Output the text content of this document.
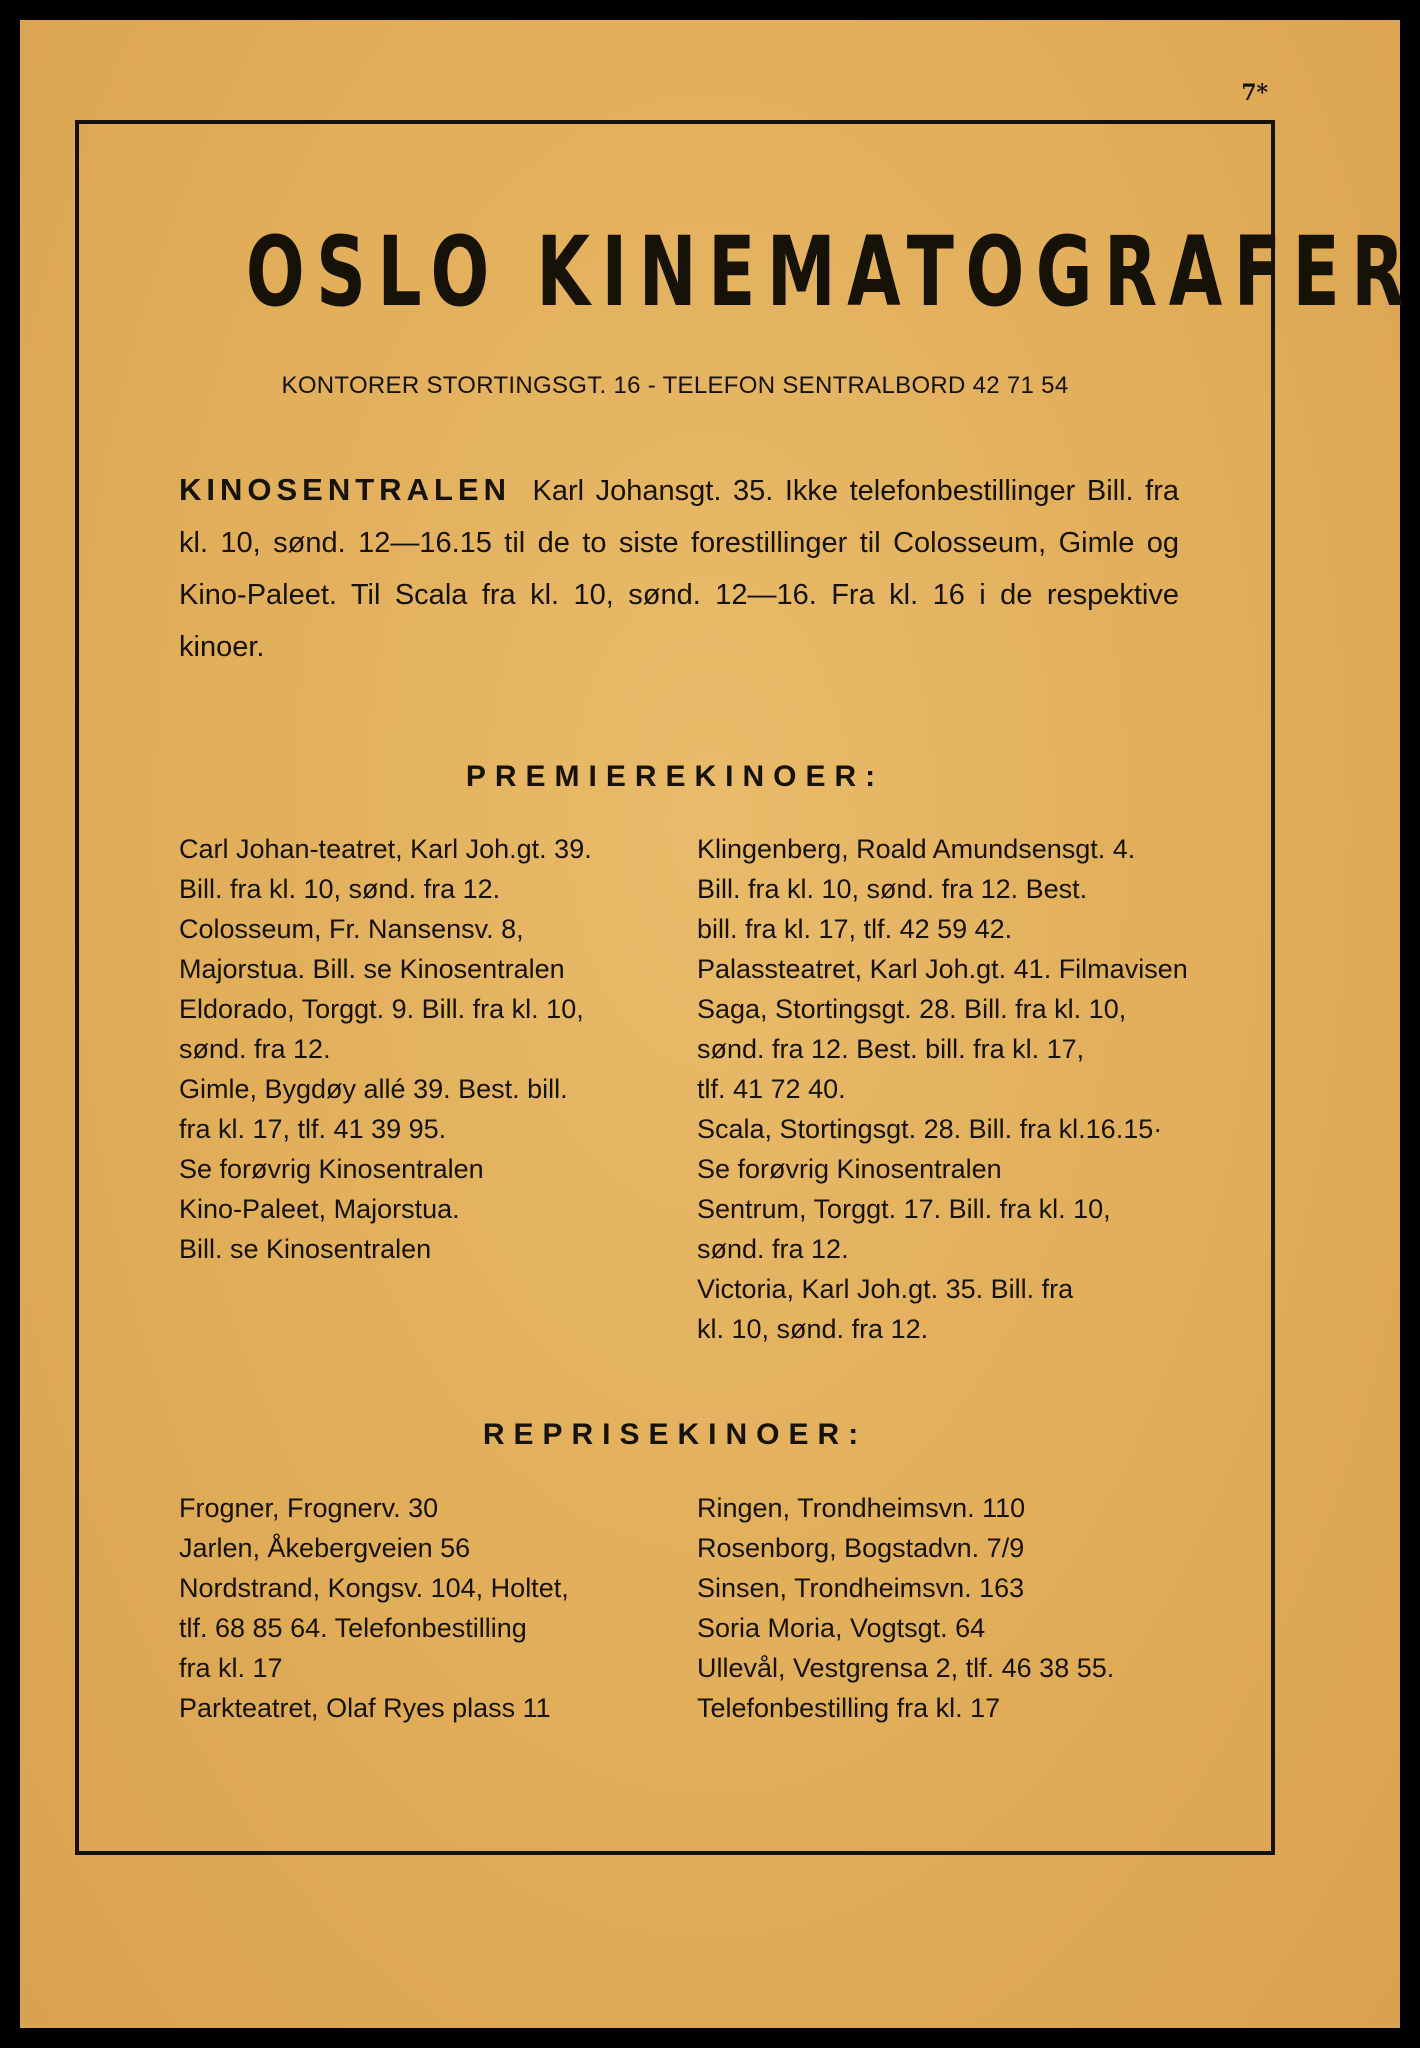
7*
OSLO KINEMATOGRAFER
KONTORER STORTINGSGT. 16 - TELEFON SENTRALBORD 42 71 54
KINOSENTRALEN Karl Johansgt. 35. Ikke telefonbestillinger Bill. fra kl. 10, sønd. 12—16.15 til de to siste forestillinger til Colosseum, Gimle og Kino-Paleet. Til Scala fra kl. 10, sønd. 12—16. Fra kl. 16 i de respektive kinoer.
PREMIEREKINOER:

Carl Johan-teatret, Karl Joh.gt. 39.
Bill. fra kl. 10, sønd. fra 12.

Colosseum, Fr. Nansensv. 8,
Majorstua. Bill. se Kinosentralen

Eldorado, Torggt. 9. Bill. fra kl. 10,
sønd. fra 12.

Gimle, Bygdøy allé 39. Best. bill.
fra kl. 17, tlf. 41 39 95.
Se forøvrig Kinosentralen

Kino-Paleet, Majorstua.
Bill. se Kinosentralen

Klingenberg, Roald Amundsensgt. 4.
Bill. fra kl. 10, sønd. fra 12. Best.
bill. fra kl. 17, tlf. 42 59 42.

Palassteatret, Karl Joh.gt. 41. Filmavisen

Saga, Stortingsgt. 28. Bill. fra kl. 10,
sønd. fra 12. Best. bill. fra kl. 17,
tlf. 41 72 40.

Scala, Stortingsgt. 28. Bill. fra kl.16.15·
Se forøvrig Kinosentralen

Sentrum, Torggt. 17. Bill. fra kl. 10,
sønd. fra 12.

Victoria, Karl Joh.gt. 35. Bill. fra
kl. 10, sønd. fra 12.

REPRISEKINOER:

Frogner, Frognerv. 30

Jarlen, Åkebergveien 56

Nordstrand, Kongsv. 104, Holtet,
tlf. 68 85 64. Telefonbestilling
fra kl. 17

Parkteatret, Olaf Ryes plass 11

Ringen, Trondheimsvn. 110

Rosenborg, Bogstadvn. 7/9

Sinsen, Trondheimsvn. 163

Soria Moria, Vogtsgt. 64

Ullevål, Vestgrensa 2, tlf. 46 38 55.
Telefonbestilling fra kl. 17
